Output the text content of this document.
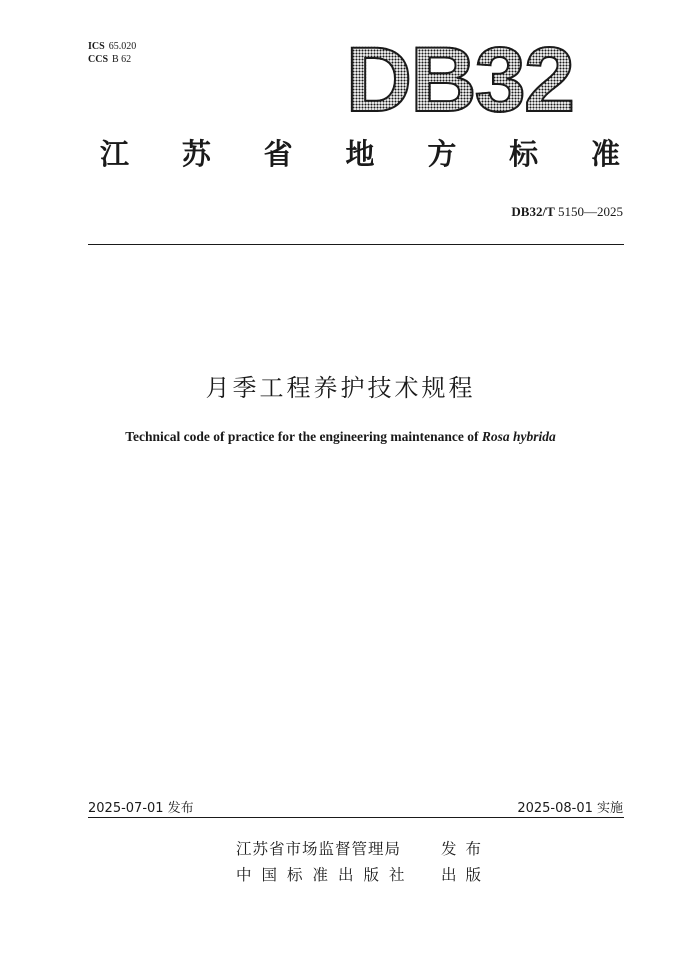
ICS 65.020
CCS B 62 DB32
江 苏 省 地 方 标 准
DB32/T 5150—2025
月季工程养护技术规程
Technical code of practice for the engineering maintenance of Rosa hybrida
2025-07-01 发布	2025-08-01 实施
江苏省市场监督管理局	发布
中国标准出版社 出版
